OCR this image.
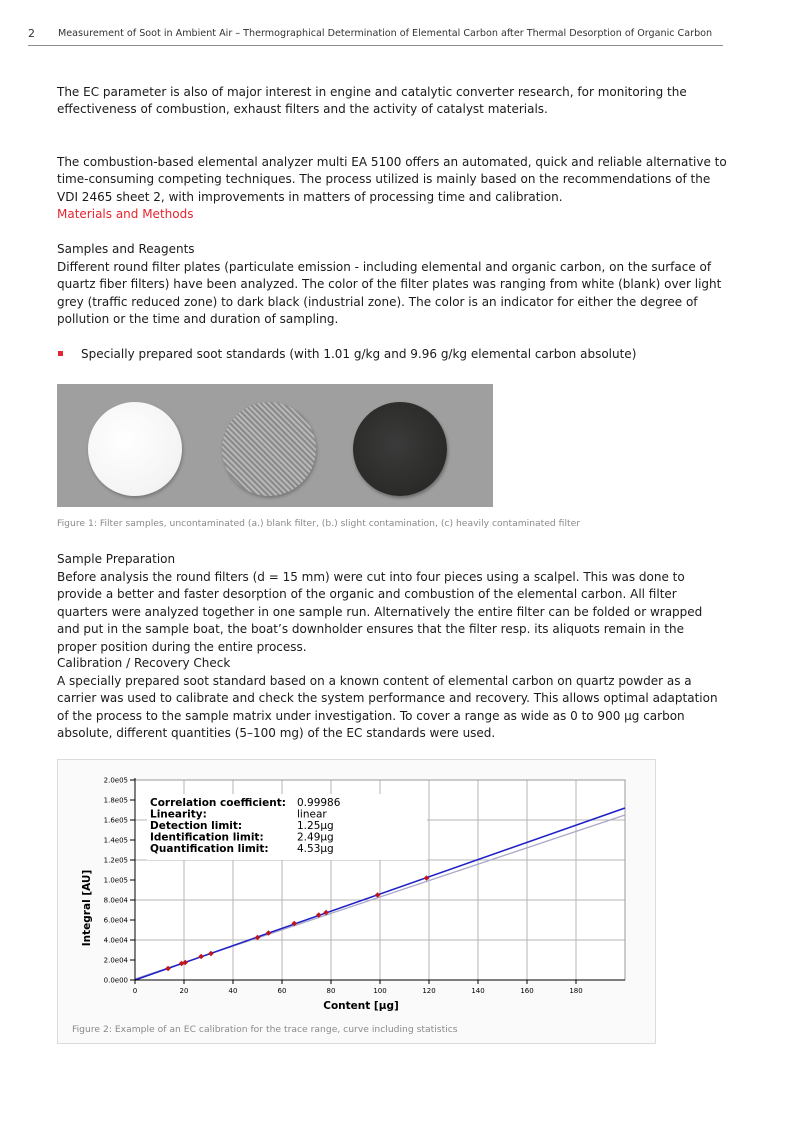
2 Measurement of Soot in Ambient Air – Thermographical Determination of Elemental Carbon after Thermal Desorption of Organic Carbon

The EC parameter is also of major interest in engine and catalytic converter research, for monitoring the effectiveness of combustion, exhaust filters and the activity of catalyst materials.

The combustion-based elemental analyzer multi EA 5100 offers an automated, quick and reliable alternative to time-consuming competing techniques. The process utilized is mainly based on the recommendations of the VDI 2465 sheet 2, with improvements in matters of processing time and calibration.

Materials and Methods
Samples and Reagents

Different round filter plates (particulate emission - including elemental and organic carbon, on the surface of quartz fiber filters) have been analyzed. The color of the filter plates was ranging from white (blank) over light grey (traffic reduced zone) to dark black (industrial zone). The color is an indicator for either the degree of pollution or the time and duration of sampling.

Specially prepared soot standards (with 1.01 g/kg and 9.96 g/kg elemental carbon absolute)

Figure 1: Filter samples, uncontaminated (a.) blank filter, (b.) slight contamination, (c) heavily contaminated filter
Sample Preparation

Before analysis the round filters (d = 15 mm) were cut into four pieces using a scalpel. This was done to provide a better and faster desorption of the organic and combustion of the elemental carbon. All filter quarters were analyzed together in one sample run. Alternatively the entire filter can be folded or wrapped and put in the sample boat, the boat’s downholder ensures that the filter resp. its aliquots remain in the proper position during the entire process.

Calibration / Recovery Check

A specially prepared soot standard based on a known content of elemental carbon on quartz powder as a carrier was used to calibrate and check the system performance and recovery. This allows optimal adaptation of the process to the sample matrix under investigation. To cover a range as wide as 0 to 900 µg carbon absolute, different quantities (5–100 mg) of the EC standards were used.

0	20	40	60	80	100	120	140	160	180
0.0e00
2.0e04
4.0e04
6.0e04
8.0e04
1.0e05
1.2e05
1.4e05
1.6e05
1.8e05
2.0e05
Correlation coefficient: 0.99986
Linearity:	linear
Detection limit:	1.25µg
Identification limit:	2.49µg
Quantification limit:	4.53µg
Content [µg]
Integral [AU]
Figure 2: Example of an EC calibration for the trace range, curve including statistics
